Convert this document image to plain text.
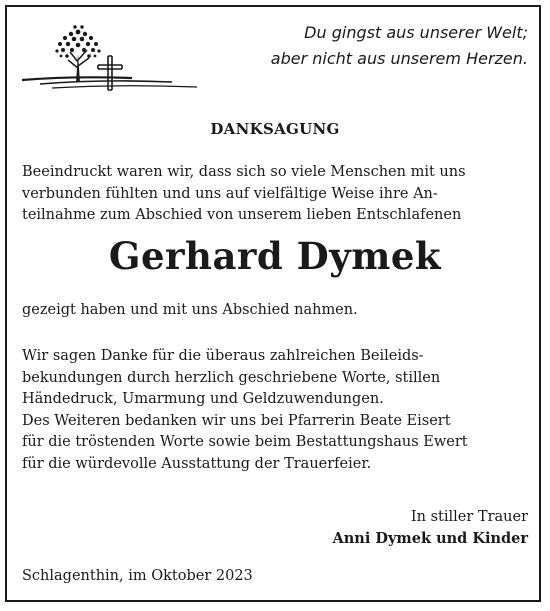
Du gingst aus unserer Welt;
aber nicht aus unserem Herzen.
DANKSAGUNG
Beeindruckt waren wir, dass sich so viele Menschen mit uns
verbunden fühlten und uns auf vielfältige Weise ihre An-
teilnahme zum Abschied von unserem lieben Entschlafenen
Gerhard Dymek
gezeigt haben und mit uns Abschied nahmen.
Wir sagen Danke für die überaus zahlreichen Beileids-
bekundungen durch herzlich geschriebene Worte, stillen
Händedruck, Umarmung und Geldzuwendungen.
Des Weiteren bedanken wir uns bei Pfarrerin Beate Eisert
für die tröstenden Worte sowie beim Bestattungshaus Ewert
für die würdevolle Ausstattung der Trauerfeier.
In stiller Trauer
Anni Dymek und Kinder
Schlagenthin, im Oktober 2023
